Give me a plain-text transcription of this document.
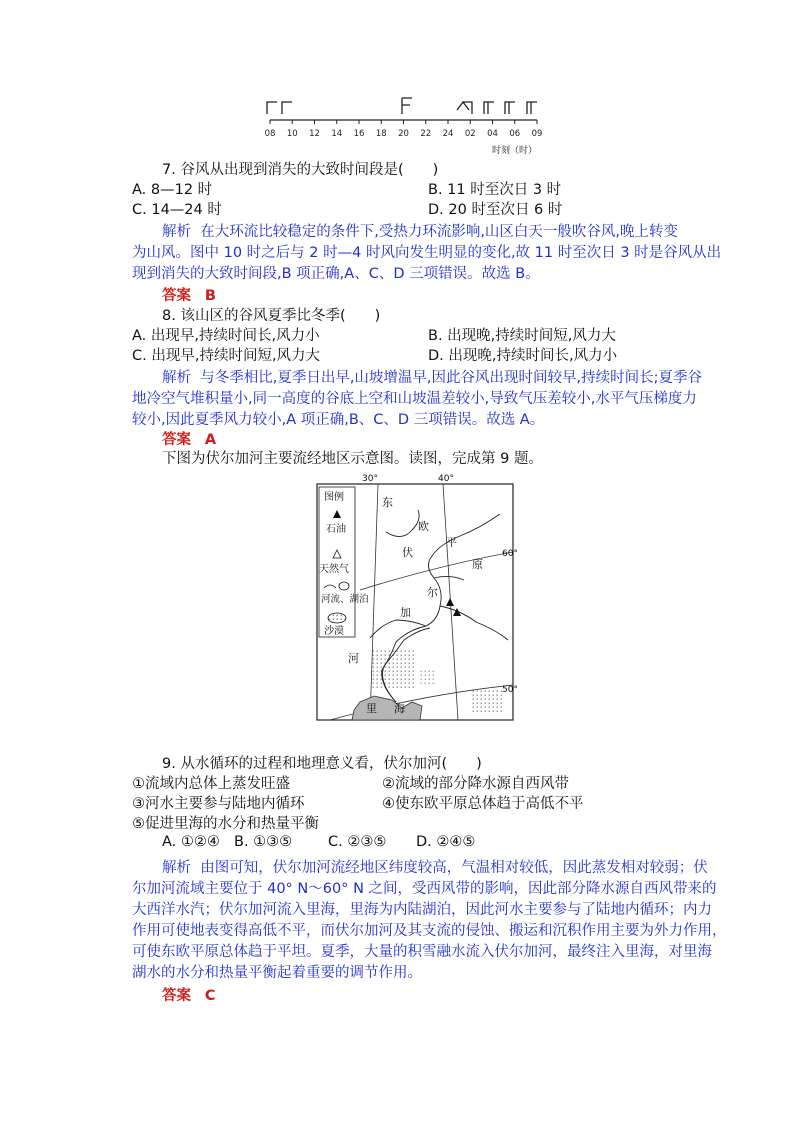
08 10 12 14 16 18 20 22 24 02 04 06 09
时刻（时）
7. 谷风从出现到消失的大致时间段是(　　)
A. 8—12 时	B. 11 时至次日 3 时
C. 14—24 时	D. 20 时至次日 6 时
解析 在大环流比较稳定的条件下,受热力环流影响,山区白天一般吹谷风,晚上转变
为山风。图中 10 时之后与 2 时—4 时风向发生明显的变化,故 11 时至次日 3 时是谷风从出
现到消失的大致时间段,B 项正确,A、C、D 三项错误。故选 B。
答案 B
8. 该山区的谷风夏季比冬季(　　)
A. 出现早,持续时间长,风力小	B. 出现晚,持续时间短,风力大
C. 出现早,持续时间短,风力大	D. 出现晚,持续时间长,风力小
解析 与冬季相比,夏季日出早,山坡增温早,因此谷风出现时间较早,持续时间长;夏季谷
地冷空气堆积量小,同一高度的谷底上空和山坡温差较小,导致气压差较小,水平气压梯度力
较小,因此夏季风力较小,A 项正确,B、C、D 三项错误。故选 A。
答案 A
下图为伏尔加河主要流经地区示意图。读图，完成第 9 题。
图例
石油
天然气
河流、湖泊
沙漠
30°	40°
60°
50°
东
欧
平
原
伏
尔
加
河
里 海
9. 从水循环的过程和地理意义看，伏尔加河(　　)
①流域内总体上蒸发旺盛	②流域的部分降水源自西风带
③河水主要参与陆地内循环	④使东欧平原总体趋于高低不平
⑤促进里海的水分和热量平衡
A. ①②④ B. ①③⑤ C. ②③⑤ D. ②④⑤
解析 由图可知，伏尔加河流经地区纬度较高，气温相对较低，因此蒸发相对较弱；伏
尔加河流域主要位于 40° N～60° N 之间，受西风带的影响，因此部分降水源自西风带来的
大西洋水汽；伏尔加河流入里海，里海为内陆湖泊，因此河水主要参与了陆地内循环；内力
作用可使地表变得高低不平，而伏尔加河及其支流的侵蚀、搬运和沉积作用主要为外力作用，
可使东欧平原总体趋于平坦。夏季，大量的积雪融水流入伏尔加河，最终注入里海，对里海
湖水的水分和热量平衡起着重要的调节作用。
答案 C
